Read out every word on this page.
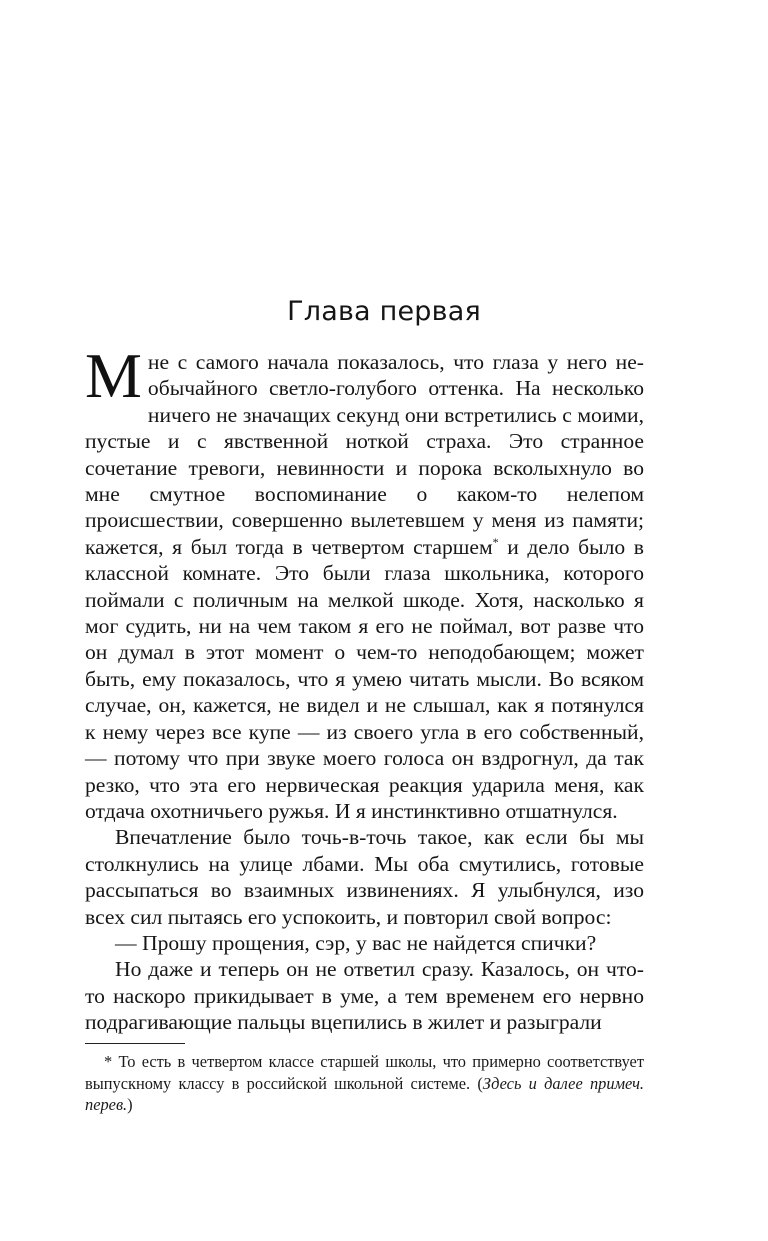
Глава первая

Мне с самого начала показалось, что глаза у него необычайного светло-голубого оттенка. На несколько ничего не значащих секунд они встретились с моими, пустые и с явственной ноткой страха. Это странное сочетание тревоги, невинности и порока всколыхнуло во мне смутное воспоминание о каком-то нелепом происшествии, совершенно вылетевшем у меня из памяти; кажется, я был тогда в четвертом старшем* и дело было в классной комнате. Это были глаза школьника, которого поймали с поличным на мелкой шкоде. Хотя, насколько я мог судить, ни на чем таком я его не поймал, вот разве что он думал в этот момент о чем-то неподобающем; может быть, ему показалось, что я умею читать мысли. Во всяком случае, он, кажется, не видел и не слышал, как я потянулся к нему через все купе — из своего угла в его собственный, — потому что при звуке моего голоса он вздрогнул, да так резко, что эта его нервическая реакция ударила меня, как отдача охотничьего ружья. И я инстинктивно отшатнулся.

Впечатление было точь-в-точь такое, как если бы мы столкнулись на улице лбами. Мы оба смутились, готовые рассыпаться во взаимных извинениях. Я улыбнулся, изо всех сил пытаясь его успокоить, и повторил свой вопрос:

— Прошу прощения, сэр, у вас не найдется спички?

Но даже и теперь он не ответил сразу. Казалось, он что-то наскоро прикидывает в уме, а тем временем его нервно подрагивающие пальцы вцепились в жилет и разыграли

* То есть в четвертом классе старшей школы, что примерно соответствует выпускному классу в российской школьной системе. (Здесь и далее примеч. перев.)
